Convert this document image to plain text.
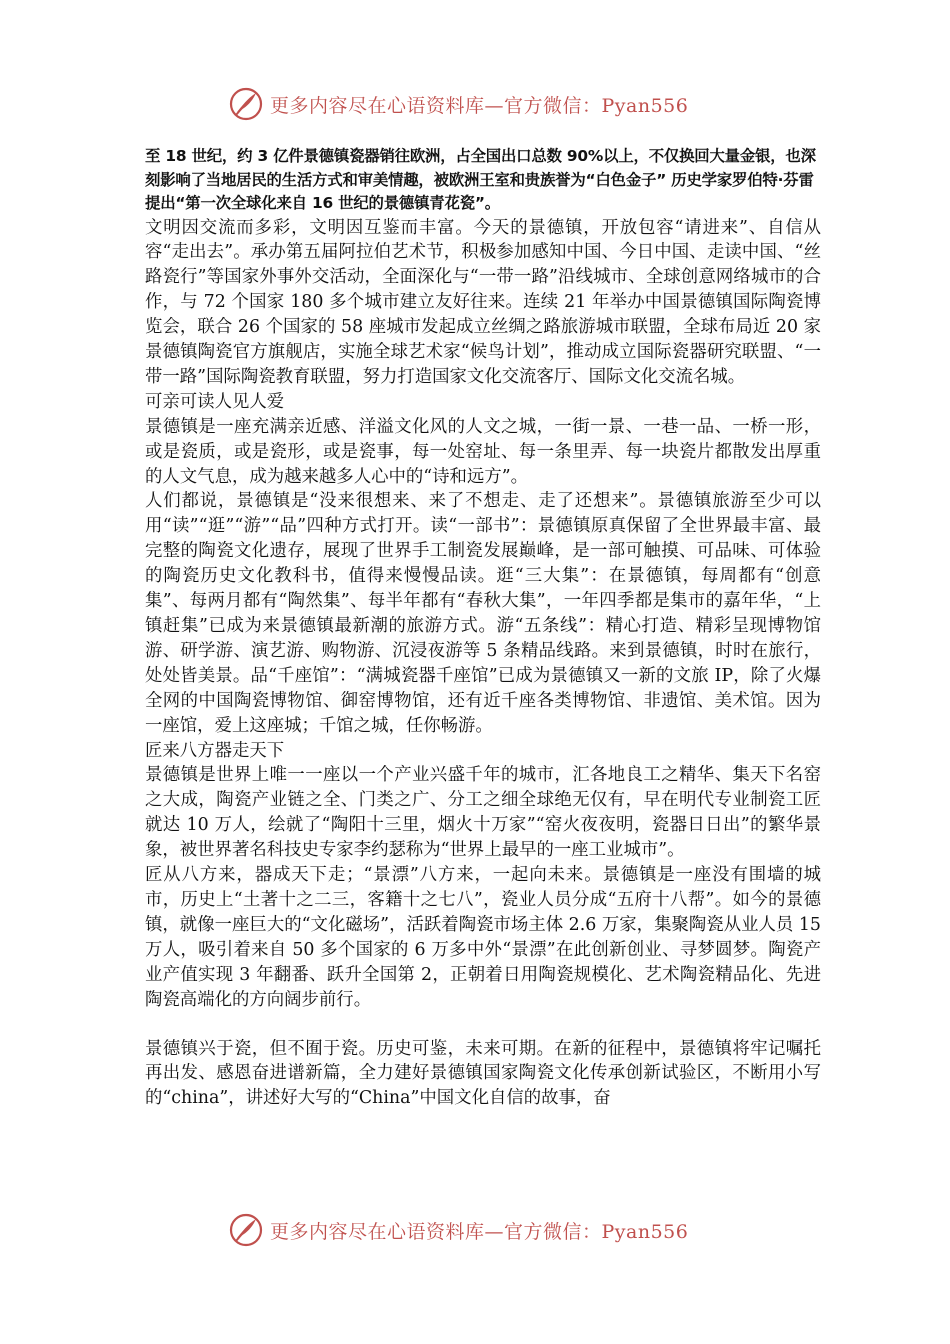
更多内容尽在心语资料库—官方微信：Pyan556

至 18 世纪，约 3 亿件景德镇瓷器销往欧洲，占全国出口总数 90%以上，不仅换回大量金银，也深刻影响了当地居民的生活方式和审美情趣，被欧洲王室和贵族誉为“白色金子” 历史学家罗伯特·芬雷提出“第一次全球化来自 16 世纪的景德镇青花瓷”。

文明因交流而多彩，文明因互鉴而丰富。今天的景德镇，开放包容“请进来”、自信从容“走出去”。承办第五届阿拉伯艺术节，积极参加感知中国、今日中国、走读中国、“丝路瓷行”等国家外事外交活动，全面深化与“一带一路”沿线城市、全球创意网络城市的合作，与 72 个国家 180 多个城市建立友好往来。连续 21 年举办中国景德镇国际陶瓷博览会，联合 26 个国家的 58 座城市发起成立丝绸之路旅游城市联盟，全球布局近 20 家景德镇陶瓷官方旗舰店，实施全球艺术家“候鸟计划”，推动成立国际瓷器研究联盟、“一带一路”国际陶瓷教育联盟，努力打造国家文化交流客厅、国际文化交流名城。

可亲可读人见人爱

景德镇是一座充满亲近感、洋溢文化风的人文之城，一街一景、一巷一品、一桥一形，或是瓷质，或是瓷形，或是瓷事，每一处窑址、每一条里弄、每一块瓷片都散发出厚重的人文气息，成为越来越多人心中的“诗和远方”。

人们都说，景德镇是“没来很想来、来了不想走、走了还想来”。景德镇旅游至少可以用“读”“逛”“游”“品”四种方式打开。读“一部书”：景德镇原真保留了全世界最丰富、最完整的陶瓷文化遗存，展现了世界手工制瓷发展巅峰，是一部可触摸、可品味、可体验的陶瓷历史文化教科书，值得来慢慢品读。逛“三大集”：在景德镇，每周都有“创意集”、每两月都有“陶然集”、每半年都有“春秋大集”，一年四季都是集市的嘉年华，“上镇赶集”已成为来景德镇最新潮的旅游方式。游“五条线”：精心打造、精彩呈现博物馆游、研学游、演艺游、购物游、沉浸夜游等 5 条精品线路。来到景德镇，时时在旅行，处处皆美景。品“千座馆”：“满城瓷器千座馆”已成为景德镇又一新的文旅 IP，除了火爆全网的中国陶瓷博物馆、御窑博物馆，还有近千座各类博物馆、非遗馆、美术馆。因为一座馆，爱上这座城；千馆之城，任你畅游。

匠来八方器走天下

景德镇是世界上唯一一座以一个产业兴盛千年的城市，汇各地良工之精华、集天下名窑之大成，陶瓷产业链之全、门类之广、分工之细全球绝无仅有，早在明代专业制瓷工匠就达 10 万人，绘就了“陶阳十三里，烟火十万家”“窑火夜夜明，瓷器日日出”的繁华景象，被世界著名科技史专家李约瑟称为“世界上最早的一座工业城市”。

匠从八方来，器成天下走；“景漂”八方来，一起向未来。景德镇是一座没有围墙的城市，历史上“土著十之二三，客籍十之七八”，瓷业人员分成“五府十八帮”。如今的景德镇，就像一座巨大的“文化磁场”，活跃着陶瓷市场主体 2.6 万家，集聚陶瓷从业人员 15 万人，吸引着来自 50 多个国家的 6 万多中外“景漂”在此创新创业、寻梦圆梦。陶瓷产业产值实现 3 年翻番、跃升全国第 2，正朝着日用陶瓷规模化、艺术陶瓷精品化、先进陶瓷高端化的方向阔步前行。

景德镇兴于瓷，但不囿于瓷。历史可鉴，未来可期。在新的征程中，景德镇将牢记嘱托再出发、感恩奋进谱新篇，全力建好景德镇国家陶瓷文化传承创新试验区，不断用小写的“china”，讲述好大写的“China”中国文化自信的故事，奋

更多内容尽在心语资料库—官方微信：Pyan556
